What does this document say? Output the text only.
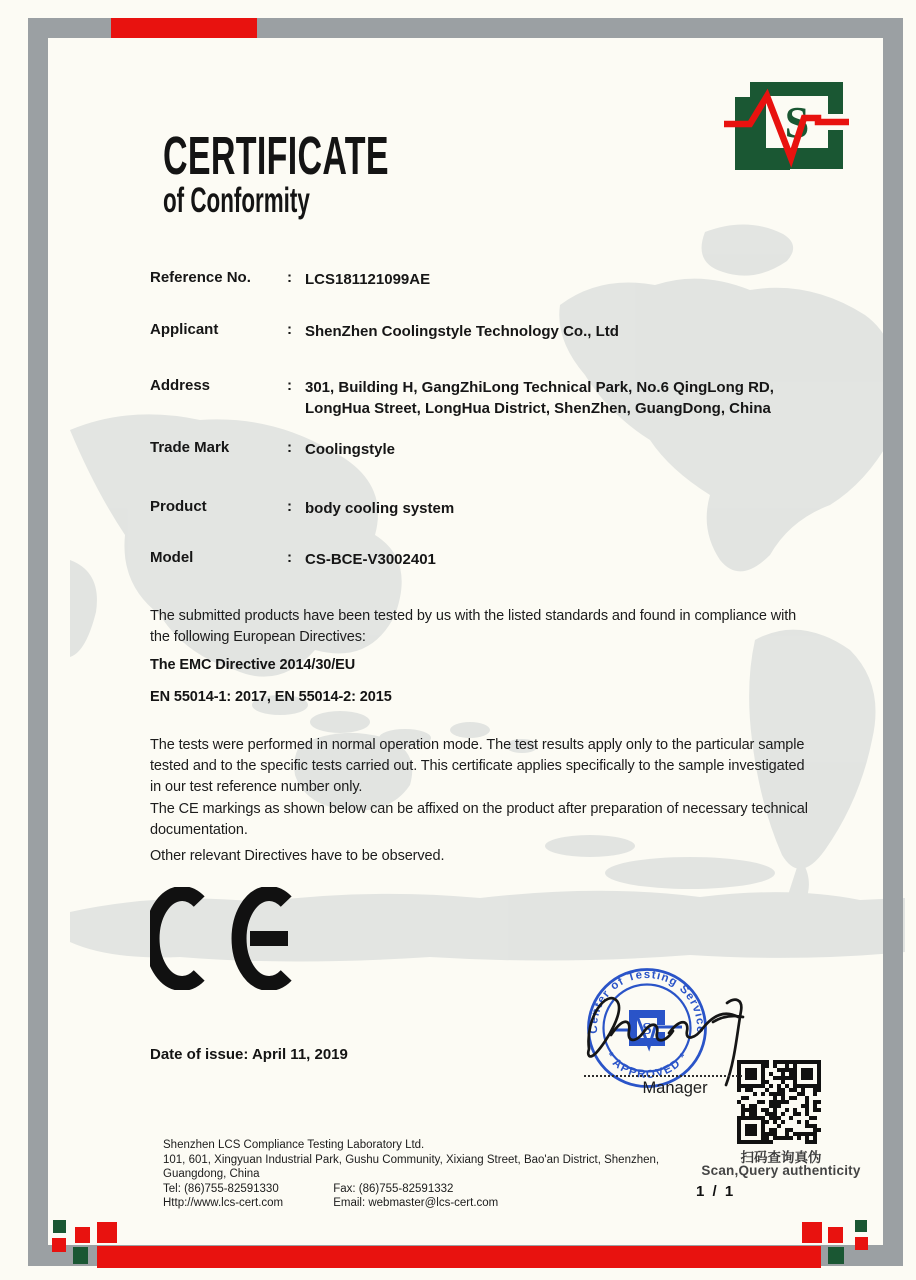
S
CERTIFICATE
of Conformity
Reference No.	: LCS181121099AE
Applicant	: ShenZhen Coolingstyle Technology Co., Ltd
Address	: 301, Building H, GangZhiLong Technical Park, No.6 QingLong RD, LongHua Street, LongHua District, ShenZhen, GuangDong, China
Trade Mark	: Coolingstyle
Product	: body cooling system
Model	: CS-BCE-V3002401

The submitted products have been tested by us with the listed standards and found in compliance with the following European Directives:

The EMC Directive 2014/30/EU

EN 55014-1: 2017, EN 55014-2: 2015

The tests were performed in normal operation mode. The test results apply only to the particular sample tested and to the specific tests carried out. This certificate applies specifically to the sample investigated in our test reference number only.

The CE markings as shown below can be affixed on the product after preparation of necessary technical documentation.

Other relevant Directives have to be observed.

Date of issue: April 11, 2019
Center of Testing Service
* APPROVED *
S
Manager
扫码查询真伪
Scan,Query authenticity
1 / 1
Shenzhen LCS Compliance Testing Laboratory Ltd.
101, 601, Xingyuan Industrial Park, Gushu Community, Xixiang Street, Bao'an District, Shenzhen,
Guangdong, China
Tel: (86)755-82591330	Fax: (86)755-82591332
Http://www.lcs-cert.com	Email: webmaster@lcs-cert.com
